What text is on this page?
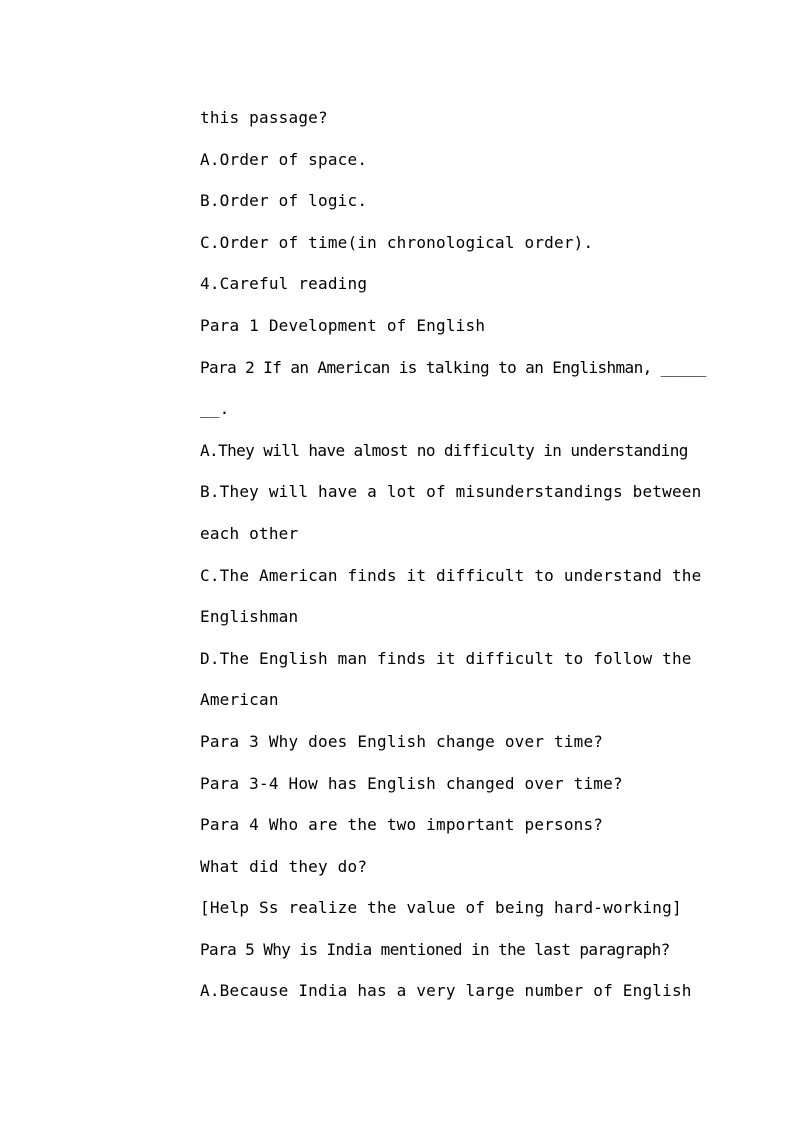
this passage?
A.Order of space.
B.Order of logic.
C.Order of time(in chronological order).
4.Careful reading
Para 1 Development of English
Para 2 If an American is talking to an Englishman, _____
__.
A.They will have almost no difficulty in understanding
B.They will have a lot of misunderstandings between
each other
C.The American finds it difficult to understand the
Englishman
D.The English man finds it difficult to follow the
American
Para 3 Why does English change over time?
Para 3-4 How has English changed over time?
Para 4 Who are the two important persons?
What did they do?
[Help Ss realize the value of being hard-working]
Para 5 Why is India mentioned in the last paragraph?
A.Because India has a very large number of English
